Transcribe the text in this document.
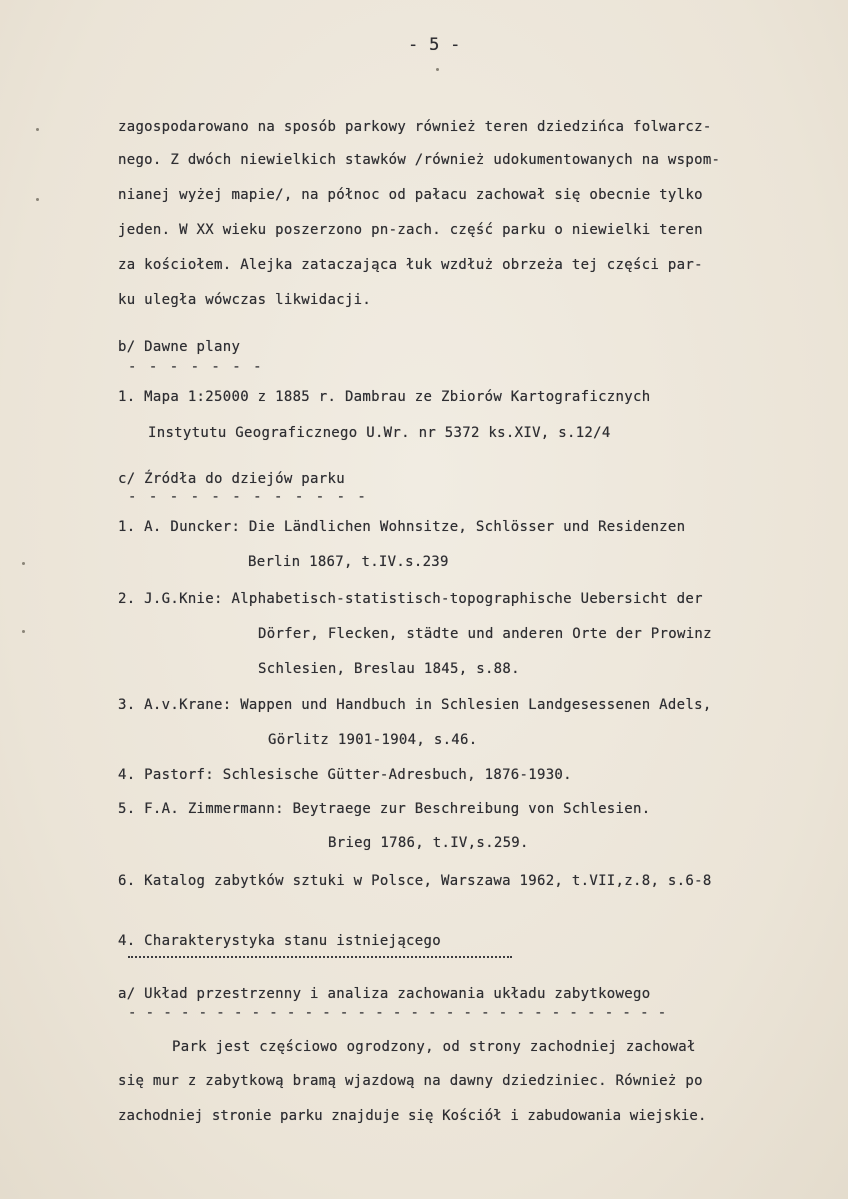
- 5 -
zagospodarowano na sposób parkowy również teren dziedzińca folwarcz-
nego. Z dwóch niewielkich stawków /również udokumentowanych na wspom-
nianej wyżej mapie/, na północ od pałacu zachował się obecnie tylko
jeden. W XX wieku poszerzono pn-zach. część parku o niewielki teren
za kościołem. Alejka zataczająca łuk wzdłuż obrzeża tej części par-
ku uległa wówczas likwidacji.
b/ Dawne plany
- - - - - - -
1. Mapa 1:25000 z 1885 r. Dambrau ze Zbiorów Kartograficznych
Instytutu Geograficznego U.Wr. nr 5372 ks.XIV, s.12/4
c/ Źródła do dziejów parku
- - - - - - - - - - - -
1. A. Duncker: Die Ländlichen Wohnsitze, Schlösser und Residenzen
Berlin 1867, t.IV.s.239
2. J.G.Knie: Alphabetisch-statistisch-topographische Uebersicht der
Dörfer, Flecken, städte und anderen Orte der Prowinz
Schlesien, Breslau 1845, s.88.
3. A.v.Krane: Wappen und Handbuch in Schlesien Landgesessenen Adels,
Görlitz 1901-1904, s.46.
4. Pastorf: Schlesische Gütter-Adresbuch, 1876-1930.
5. F.A. Zimmermann: Beytraege zur Beschreibung von Schlesien.
Brieg 1786, t.IV,s.259.
6. Katalog zabytków sztuki w Polsce, Warszawa 1962, t.VII,z.8, s.6-8
4. Charakterystyka stanu istniejącego
a/ Układ przestrzenny i analiza zachowania układu zabytkowego
- - - - - - - - - - - - - - - - - - - - - - - - - - - - - - -
Park jest częściowo ogrodzony, od strony zachodniej zachował
się mur z zabytkową bramą wjazdową na dawny dziedziniec. Również po
zachodniej stronie parku znajduje się Kościół i zabudowania wiejskie.
